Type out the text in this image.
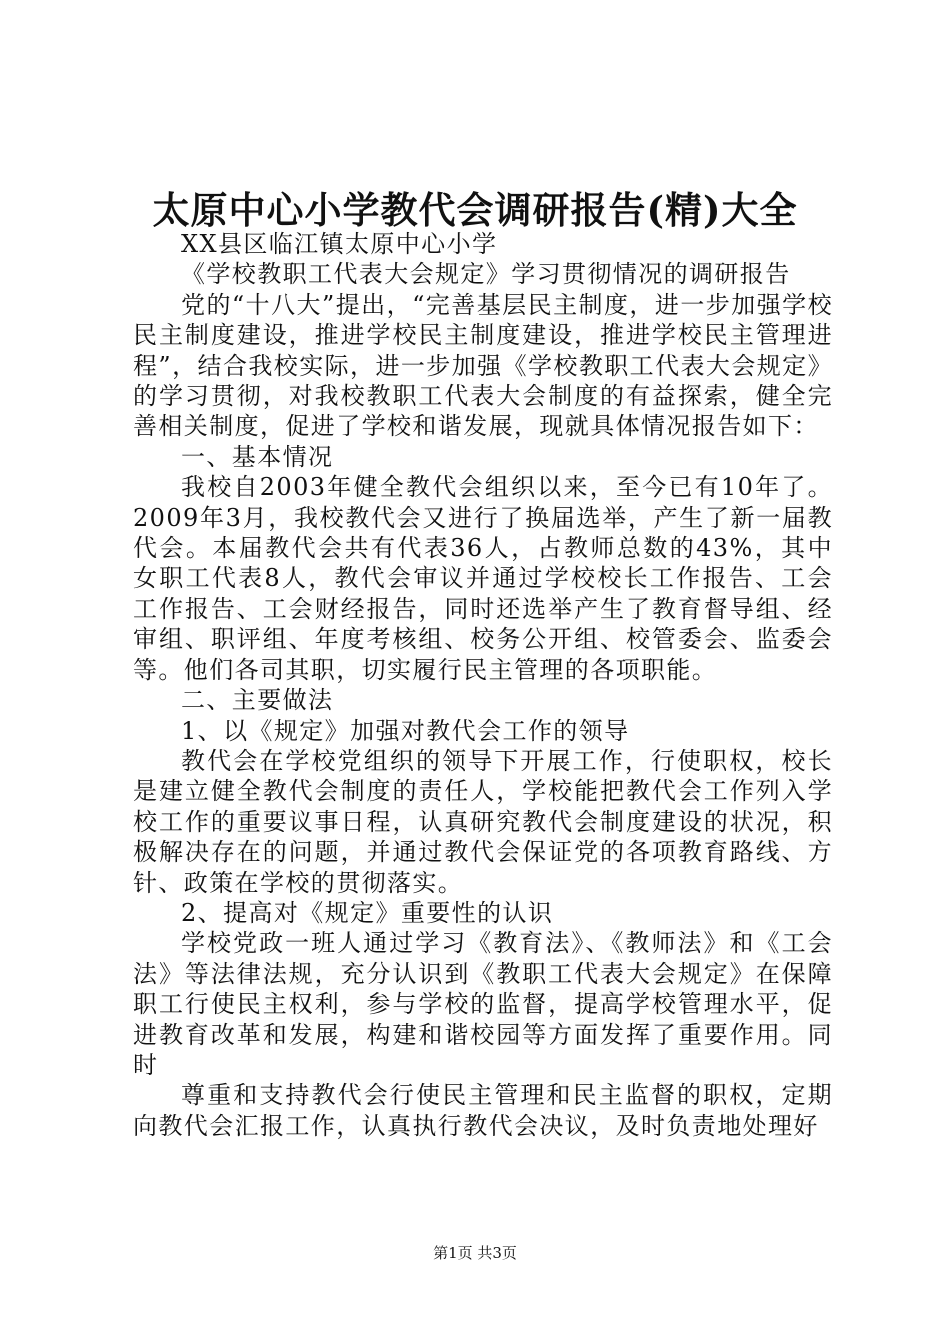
太原中心小学教代会调研报告(精)大全

XX县区临江镇太原中心小学

《学校教职工代表大会规定》学习贯彻情况的调研报告

党的“十八大”提出，“完善基层民主制度，进一步加强学校民主制度建设，推进学校民主制度建设，推进学校民主管理进程”，结合我校实际，进一步加强《学校教职工代表大会规定》的学习贯彻，对我校教职工代表大会制度的有益探索，健全完善相关制度，促进了学校和谐发展，现就具体情况报告如下：

一、基本情况

我校自2003年健全教代会组织以来，至今已有10年了。2009年3月，我校教代会又进行了换届选举，产生了新一届教代会。本届教代会共有代表36人，占教师总数的43%，其中女职工代表8人，教代会审议并通过学校校长工作报告、工会工作报告、工会财经报告，同时还选举产生了教育督导组、经审组、职评组、年度考核组、校务公开组、校管委会、监委会等。他们各司其职，切实履行民主管理的各项职能。

二、主要做法

1、以《规定》加强对教代会工作的领导

教代会在学校党组织的领导下开展工作，行使职权，校长是建立健全教代会制度的责任人，学校能把教代会工作列入学校工作的重要议事日程，认真研究教代会制度建设的状况，积极解决存在的问题，并通过教代会保证党的各项教育路线、方针、政策在学校的贯彻落实。

2、提高对《规定》重要性的认识

学校党政一班人通过学习《教育法》、《教师法》和《工会法》等法律法规，充分认识到《教职工代表大会规定》在保障职工行使民主权利，参与学校的监督，提高学校管理水平，促进教育改革和发展，构建和谐校园等方面发挥了重要作用。同时

尊重和支持教代会行使民主管理和民主监督的职权，定期向教代会汇报工作，认真执行教代会决议，及时负责地处理好

第1页 共3页
